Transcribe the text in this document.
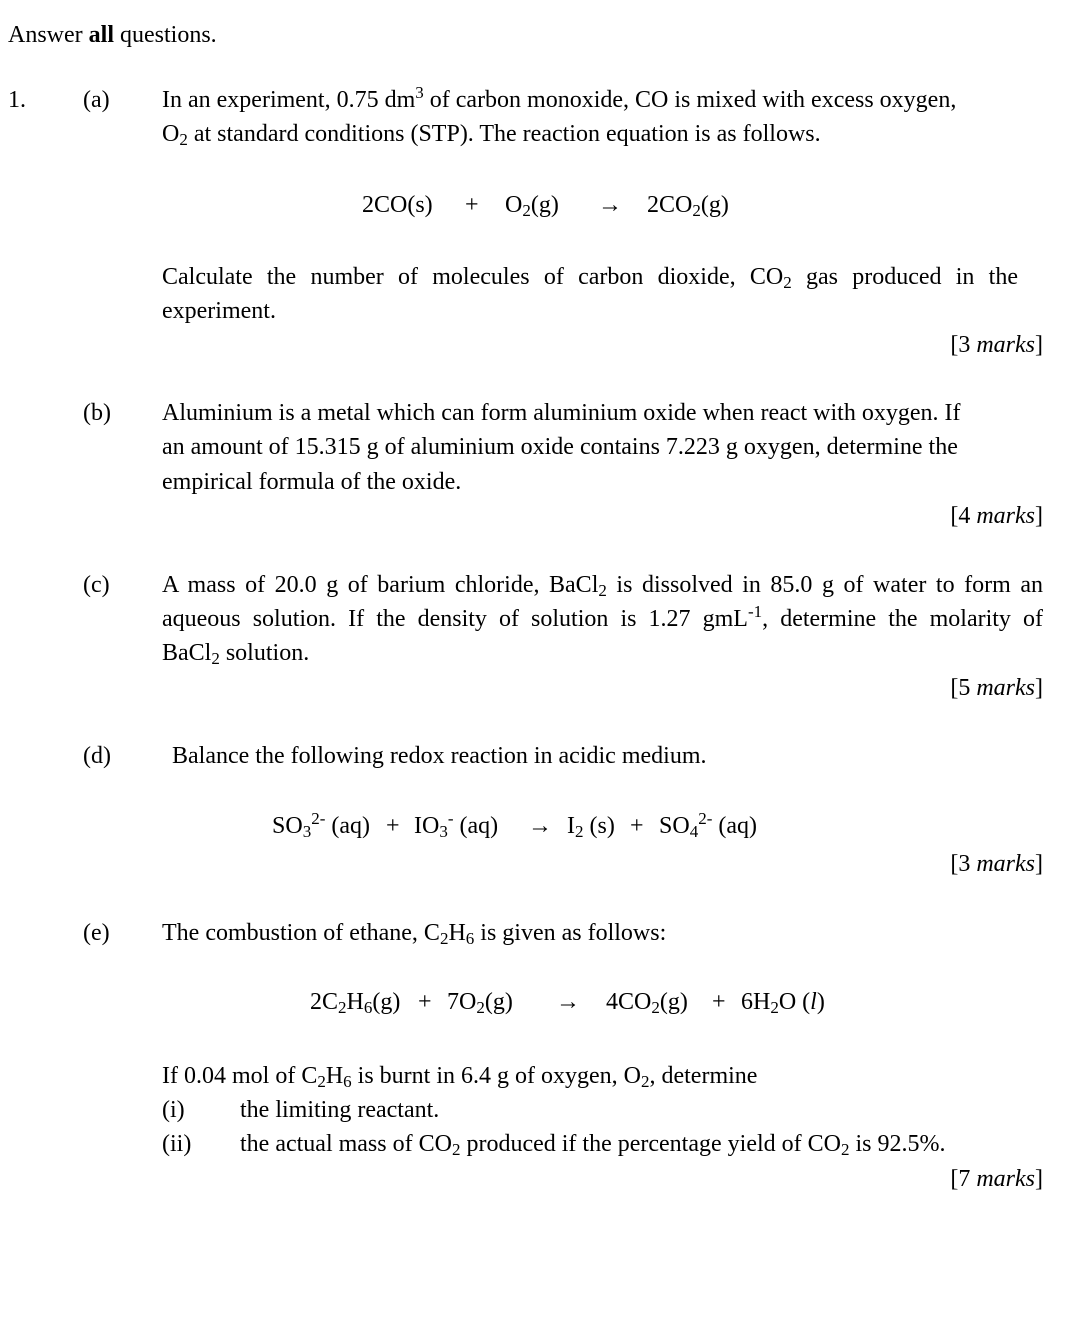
Answer all questions.
1. (a) In an experiment, 0.75 $dm^3$ of carbon monoxide, CO is mixed with excess oxygen,
$O_2$ at standard conditions (STP). The reaction equation is as follows.
$2CO(s) + O_2(g) \to 2CO_2(g)$
Calculate the number of molecules of carbon dioxide, $CO_2$ gas produced in the
experiment.
[3 marks]
(b) Aluminium is a metal which can form aluminium oxide when react with oxygen. If
an amount of 15.315 g of aluminium oxide contains 7.223 g oxygen, determine the
empirical formula of the oxide.
[4 marks]
(c) A mass of 20.0 g of barium chloride, BaCl$_2$ is dissolved in 85.0 g of water to form an
aqueous solution. If the density of solution is 1.27 gmL$^{-1}$, determine the molarity of
BaCl$_2$ solution.
[5 marks]
(d)	Balance the following redox reaction in acidic medium.
$SO_3^{2-}$ $(aq) + IO_3^-$ $(aq) \to I_2$ $(s) + SO_4^{2-}$ (aq)
[3 marks]
(e) The combustion of ethane, $C_2H_6$ is given as follows:
$2C_2H_6(g) + 7O_2(g) \to 4CO_2(g) + 6H_2O$ (l)
If 0.04 mol of $C_2H_6$ is burnt in 6.4 g of oxygen, $O_2$, determine
(i) the limiting reactant.
(ii) the actual mass of $CO_2$ produced if the percentage yield of $CO_2$ is 92.5%.
[7 marks]
